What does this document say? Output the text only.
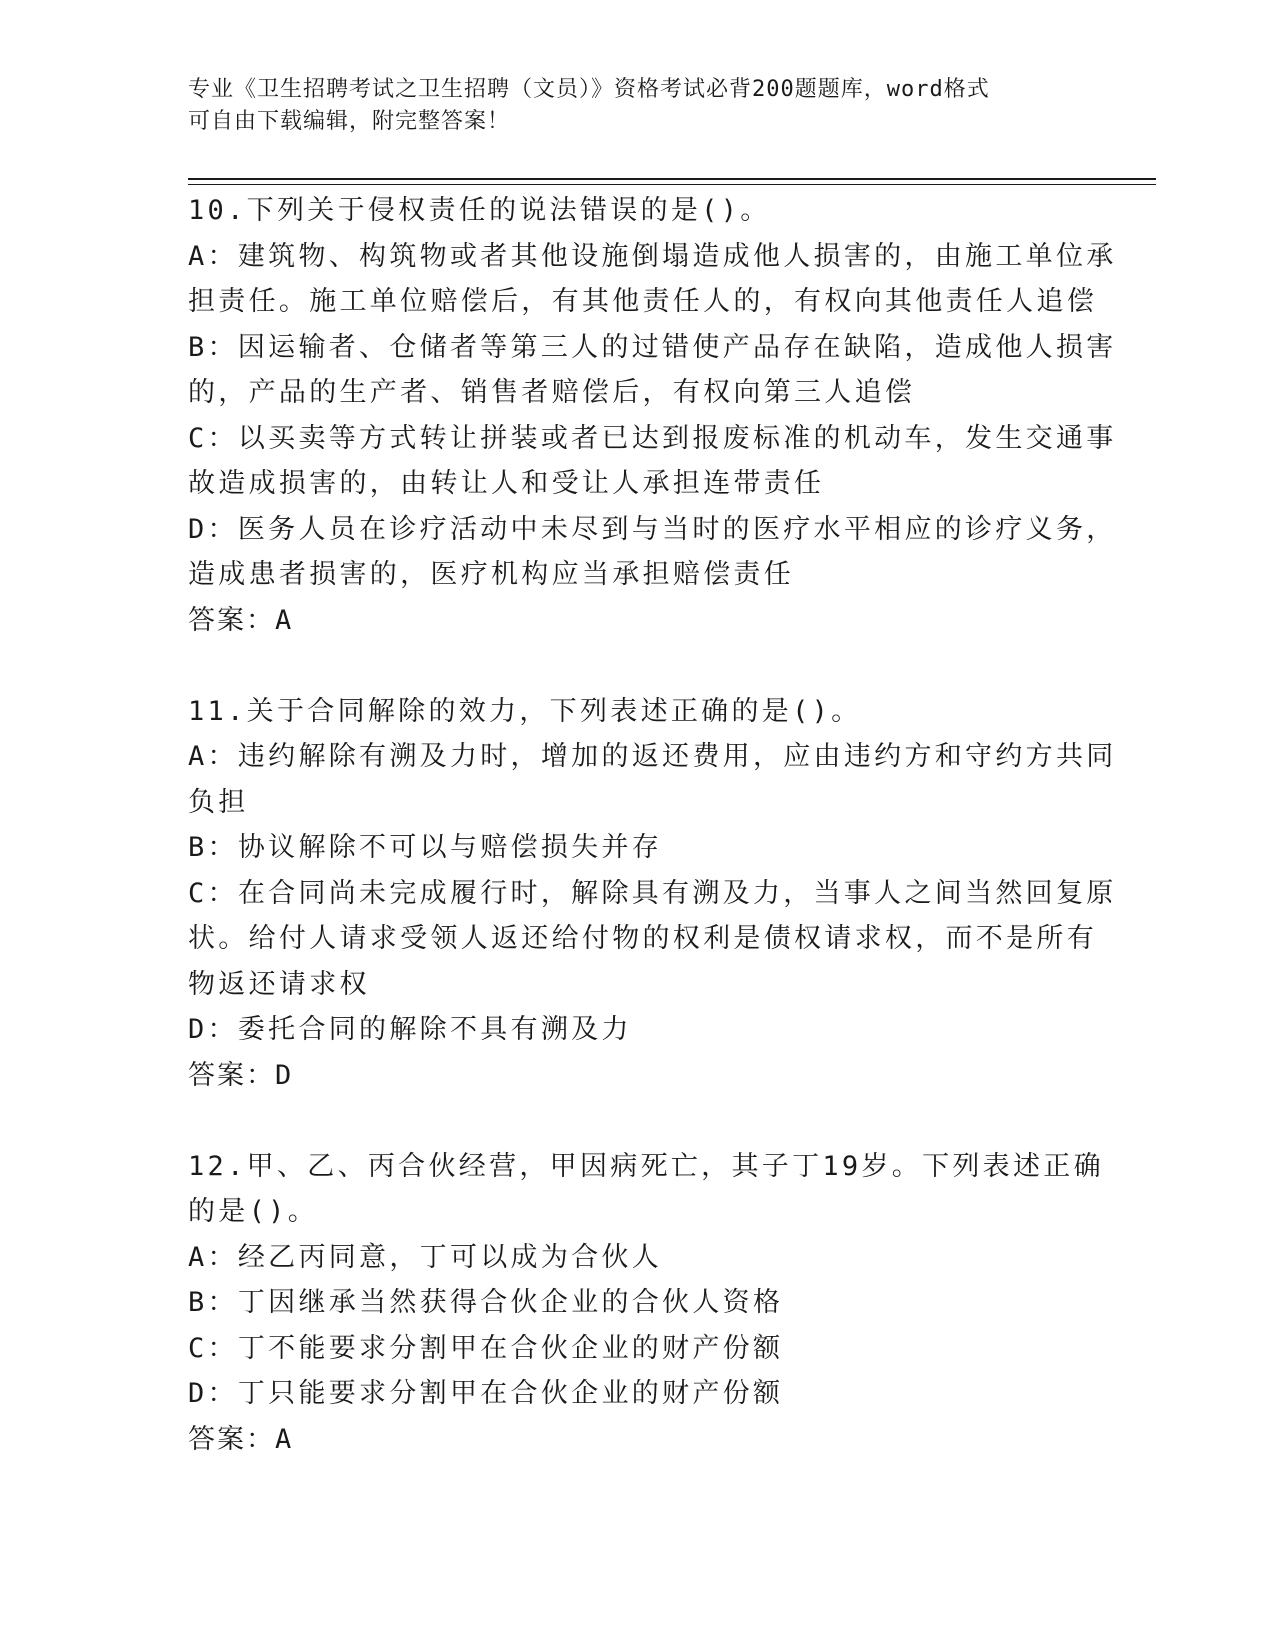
专业《卫生招聘考试之卫生招聘（文员）》资格考试必背200题题库，word格式
可自由下载编辑，附完整答案！
10.下列关于侵权责任的说法错误的是()。
A：建筑物、构筑物或者其他设施倒塌造成他人损害的，由施工单位承
担责任。施工单位赔偿后，有其他责任人的，有权向其他责任人追偿
B：因运输者、仓储者等第三人的过错使产品存在缺陷，造成他人损害
的，产品的生产者、销售者赔偿后，有权向第三人追偿
C：以买卖等方式转让拼装或者已达到报废标准的机动车，发生交通事
故造成损害的，由转让人和受让人承担连带责任
D：医务人员在诊疗活动中未尽到与当时的医疗水平相应的诊疗义务，
造成患者损害的，医疗机构应当承担赔偿责任
答案：A
11.关于合同解除的效力，下列表述正确的是()。
A：违约解除有溯及力时，增加的返还费用，应由违约方和守约方共同
负担
B：协议解除不可以与赔偿损失并存
C：在合同尚未完成履行时，解除具有溯及力，当事人之间当然回复原
状。给付人请求受领人返还给付物的权利是债权请求权，而不是所有
物返还请求权
D：委托合同的解除不具有溯及力
答案：D
12.甲、乙、丙合伙经营，甲因病死亡，其子丁19岁。下列表述正确
的是()。
A：经乙丙同意，丁可以成为合伙人
B：丁因继承当然获得合伙企业的合伙人资格
C：丁不能要求分割甲在合伙企业的财产份额
D：丁只能要求分割甲在合伙企业的财产份额
答案：A
